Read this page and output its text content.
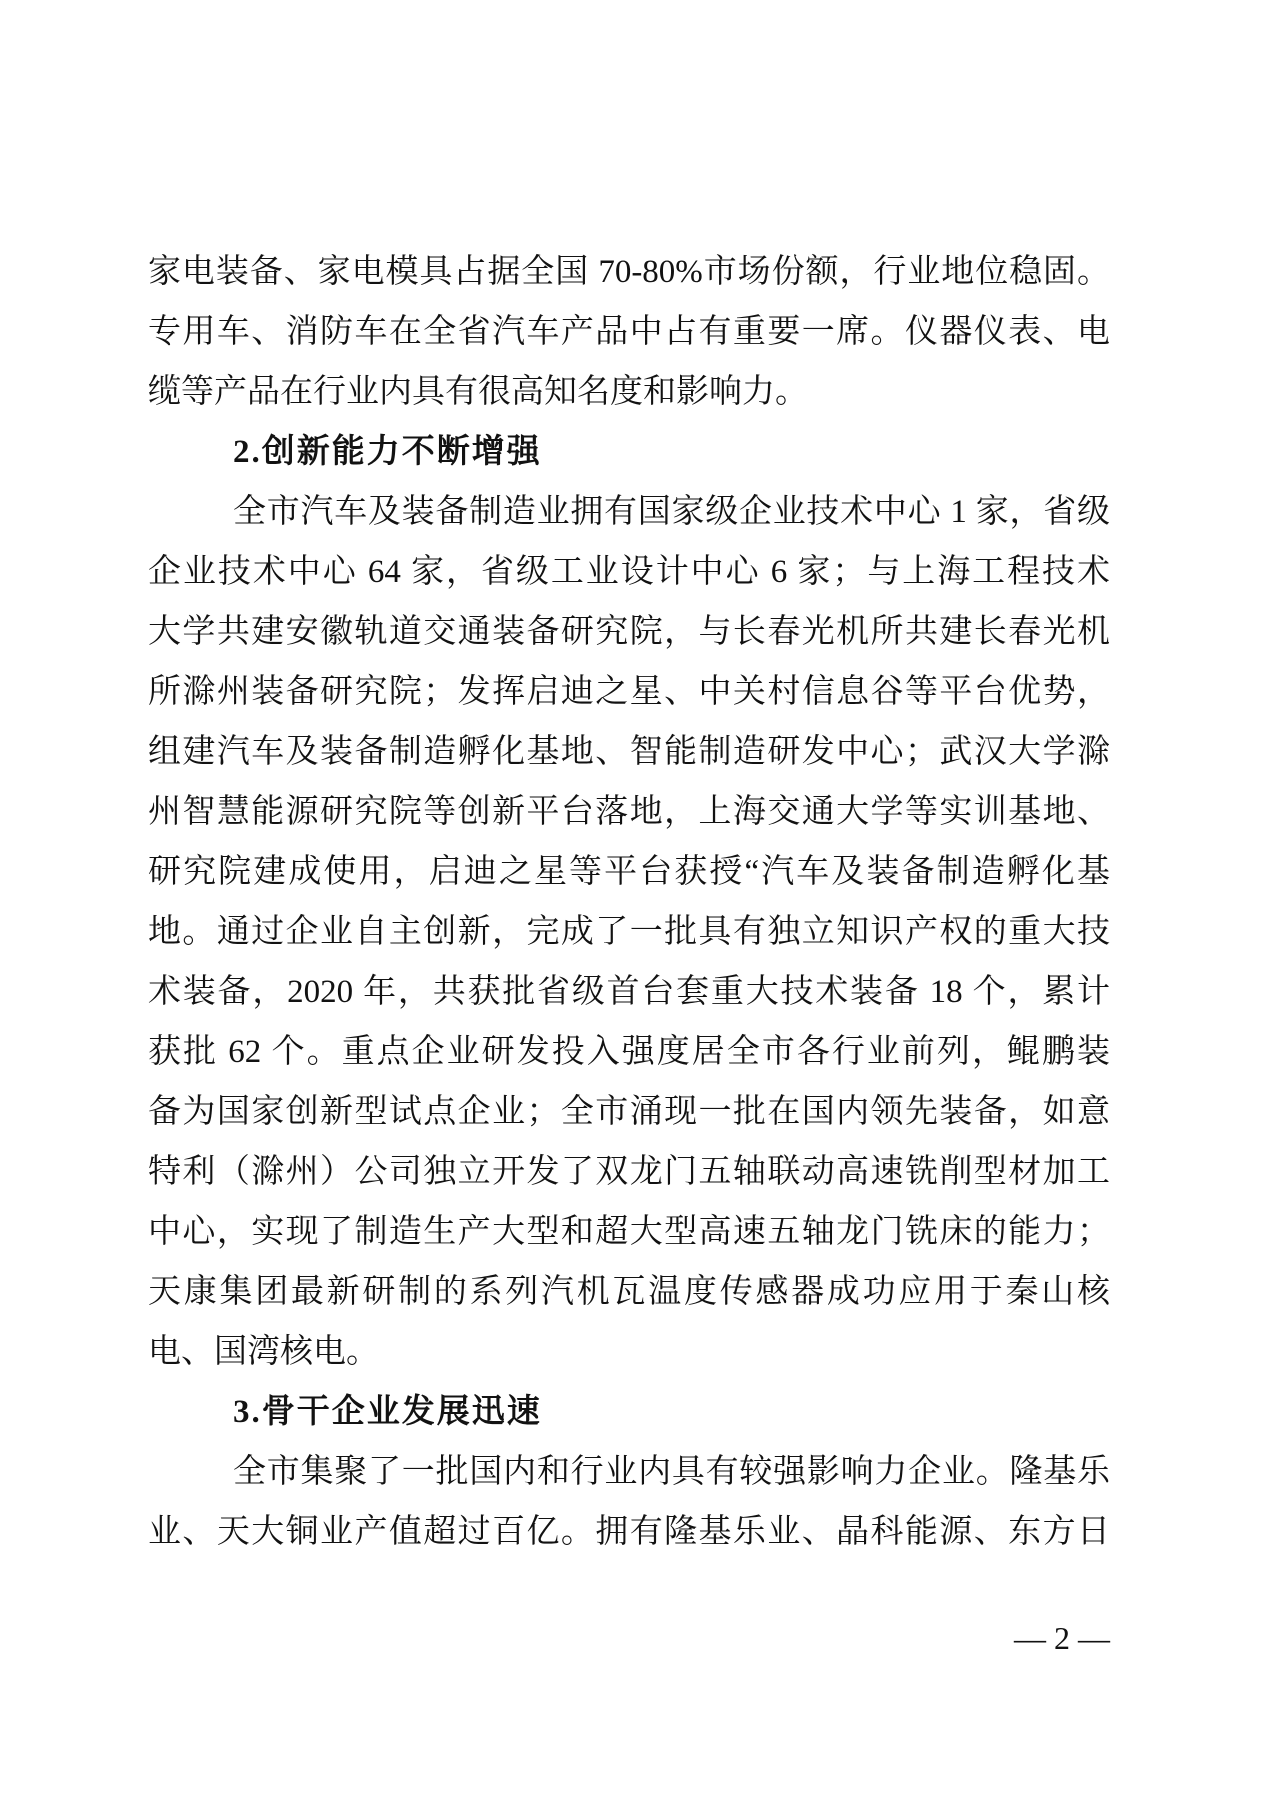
家电装备、家电模具占据全国 70-80%市场份额，行业地位稳固。
专用车、消防车在全省汽车产品中占有重要一席。仪器仪表、电
缆等产品在行业内具有很高知名度和影响力。
2.创新能力不断增强
全市汽车及装备制造业拥有国家级企业技术中心 1 家，省级
企业技术中心 64 家，省级工业设计中心 6 家；与上海工程技术
大学共建安徽轨道交通装备研究院，与长春光机所共建长春光机
所滁州装备研究院；发挥启迪之星、中关村信息谷等平台优势，
组建汽车及装备制造孵化基地、智能制造研发中心；武汉大学滁
州智慧能源研究院等创新平台落地，上海交通大学等实训基地、
研究院建成使用，启迪之星等平台获授“汽车及装备制造孵化基
地。通过企业自主创新，完成了一批具有独立知识产权的重大技
术装备，2020 年，共获批省级首台套重大技术装备 18 个，累计
获批 62 个。重点企业研发投入强度居全市各行业前列，鲲鹏装
备为国家创新型试点企业；全市涌现一批在国内领先装备，如意
特利（滁州）公司独立开发了双龙门五轴联动高速铣削型材加工
中心，实现了制造生产大型和超大型高速五轴龙门铣床的能力；
天康集团最新研制的系列汽机瓦温度传感器成功应用于秦山核
电、国湾核电。
3.骨干企业发展迅速
全市集聚了一批国内和行业内具有较强影响力企业。隆基乐
业、天大铜业产值超过百亿。拥有隆基乐业、晶科能源、东方日
— 2 —
